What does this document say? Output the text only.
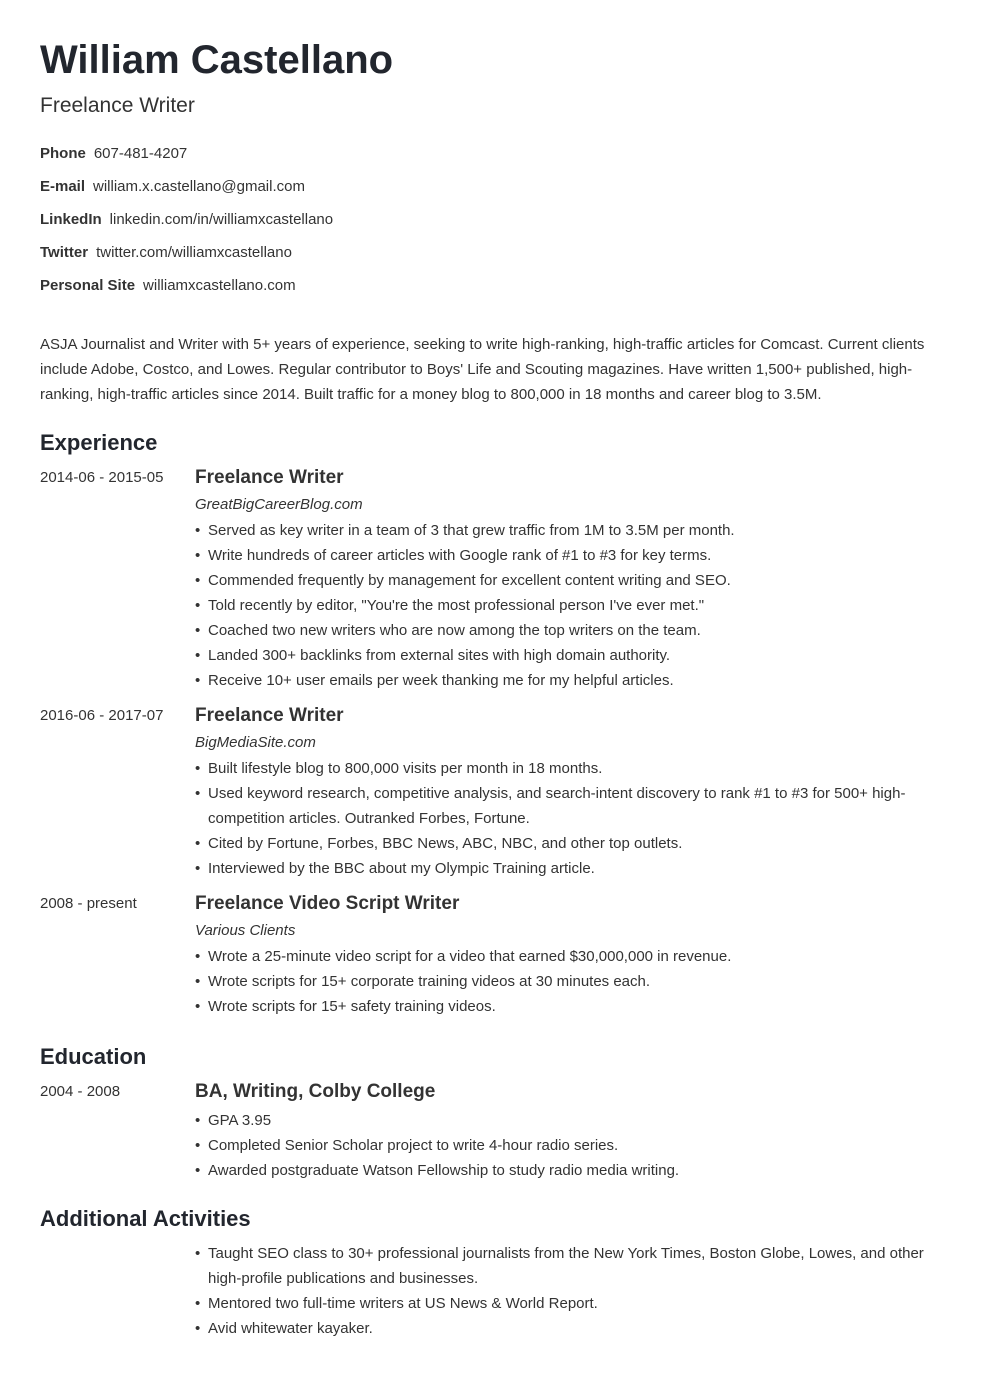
William Castellano
Freelance Writer
Phone 607-481-4207
E-mail william.x.castellano@gmail.com
LinkedIn linkedin.com/in/williamxcastellano
Twitter twitter.com/williamxcastellano
Personal Site williamxcastellano.com
ASJA Journalist and Writer with 5+ years of experience, seeking to write high-ranking, high-traffic articles for Comcast. Current clients include Adobe, Costco, and Lowes. Regular contributor to Boys' Life and Scouting magazines. Have written 1,500+ published, high-ranking, high-traffic articles since 2014. Built traffic for a money blog to 800,000 in 18 months and career blog to 3.5M.
Experience
2014-06 - 2015-05	Freelance Writer
GreatBigCareerBlog.com
• Served as key writer in a team of 3 that grew traffic from 1M to 3.5M per month.
• Write hundreds of career articles with Google rank of #1 to #3 for key terms.
• Commended frequently by management for excellent content writing and SEO.
• Told recently by editor, "You're the most professional person I've ever met."
• Coached two new writers who are now among the top writers on the team.
• Landed 300+ backlinks from external sites with high domain authority.
• Receive 10+ user emails per week thanking me for my helpful articles.
2016-06 - 2017-07	Freelance Writer
BigMediaSite.com
• Built lifestyle blog to 800,000 visits per month in 18 months.
• Used keyword research, competitive analysis, and search-intent discovery to rank #1 to #3 for 500+ high-competition articles. Outranked Forbes, Fortune.
• Cited by Fortune, Forbes, BBC News, ABC, NBC, and other top outlets.
• Interviewed by the BBC about my Olympic Training article.
2008 - present	Freelance Video Script Writer
Various Clients
• Wrote a 25-minute video script for a video that earned $30,000,000 in revenue.
• Wrote scripts for 15+ corporate training videos at 30 minutes each.
• Wrote scripts for 15+ safety training videos.
Education
2004 - 2008	BA, Writing, Colby College
• GPA 3.95
• Completed Senior Scholar project to write 4-hour radio series.
• Awarded postgraduate Watson Fellowship to study radio media writing.
Additional Activities
• Taught SEO class to 30+ professional journalists from the New York Times, Boston Globe, Lowes, and other high-profile publications and businesses.
• Mentored two full-time writers at US News & World Report.
• Avid whitewater kayaker.
